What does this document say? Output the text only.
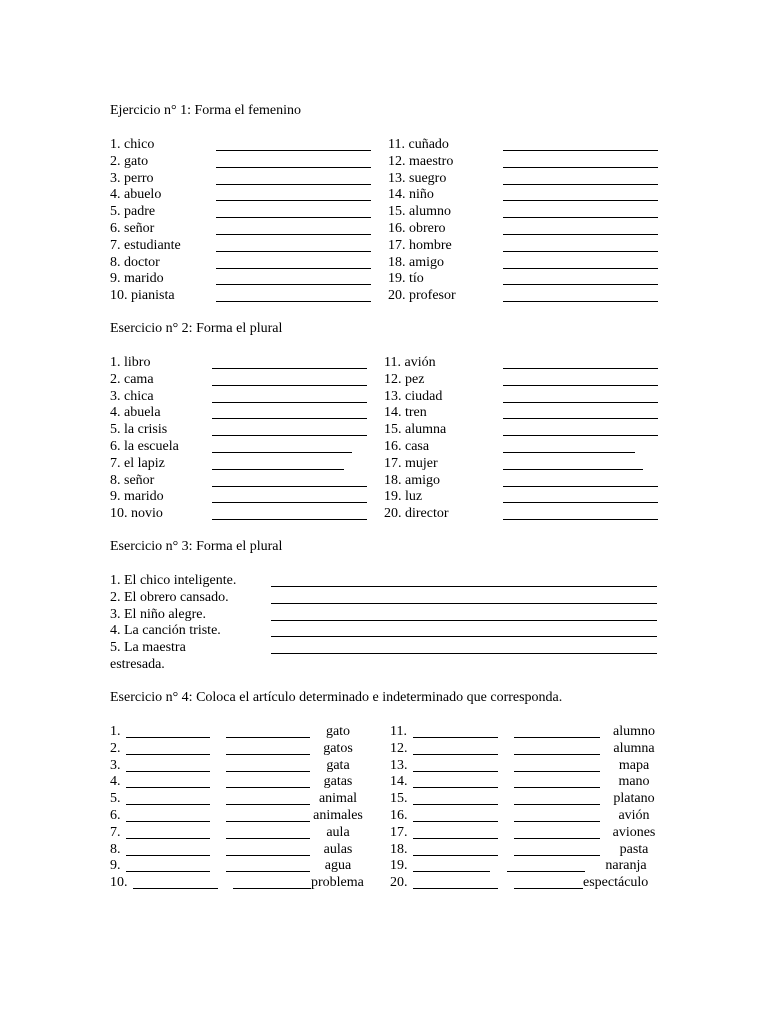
Ejercicio n° 1: Forma el femenino
1. chico	11. cuñado
2. gato	12. maestro
3. perro	13. suegro
4. abuelo	14. niño
5. padre	15. alumno
6. señor	16. obrero
7. estudiante	17. hombre
8. doctor	18. amigo
9. marido	19. tío
10. pianista	20. profesor
Esercicio n° 2: Forma el plural
1. libro	11. avión
2. cama	12. pez
3. chica	13. ciudad
4. abuela	14. tren
5. la crisis	15. alumna
6. la escuela	16. casa
7. el lapiz	17. mujer
8. señor	18. amigo
9. marido	19. luz
10. novio	20. director
Esercicio n° 3: Forma el plural
1. El chico inteligente.
2. El obrero cansado.
3. El niño alegre.
4. La canción triste.
5. La maestra
estresada.
Esercicio n° 4: Coloca el artículo determinado e indeterminado que corresponda.
1.	gato	11.	alumno
2.	gatos	12.	alumna
3.	gata	13.	mapa
4.	gatas	14.	mano
5.	animal 15.	platano
6.	animales 16.	avión
7.	aula	17.	aviones
8.	aulas	18.	pasta
9.	agua	19.	naranja
10.	problema 20.	espectáculo
